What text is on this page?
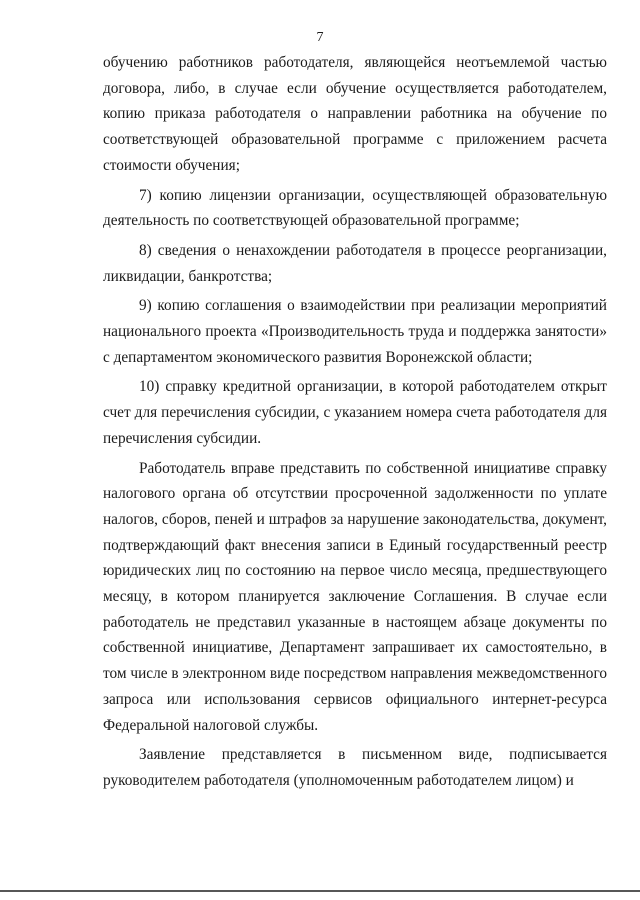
7

обучению работников работодателя, являющейся неотъемлемой частью договора, либо, в случае если обучение осуществляется работодателем, копию приказа работодателя о направлении работника на обучение по соответствующей образовательной программе с приложением расчета стоимости обучения;

7) копию лицензии организации, осуществляющей образовательную деятельность по соответствующей образовательной программе;

8) сведения о ненахождении работодателя в процессе реорганизации, ликвидации, банкротства;

9) копию соглашения о взаимодействии при реализации мероприятий национального проекта «Производительность труда и поддержка занятости» с департаментом экономического развития Воронежской области;

10) справку кредитной организации, в которой работодателем открыт счет для перечисления субсидии, с указанием номера счета работодателя для перечисления субсидии.

Работодатель вправе представить по собственной инициативе справку налогового органа об отсутствии просроченной задолженности по уплате налогов, сборов, пеней и штрафов за нарушение законодательства, документ, подтверждающий факт внесения записи в Единый государственный реестр юридических лиц по состоянию на первое число месяца, предшествующего месяцу, в котором планируется заключение Соглашения. В случае если работодатель не представил указанные в настоящем абзаце документы по собственной инициативе, Департамент запрашивает их самостоятельно, в том числе в электронном виде посредством направления межведомственного запроса или использования сервисов официального интернет-ресурса Федеральной налоговой службы.

Заявление представляется в письменном виде, подписывается руководителем работодателя (уполномоченным работодателем лицом) и
